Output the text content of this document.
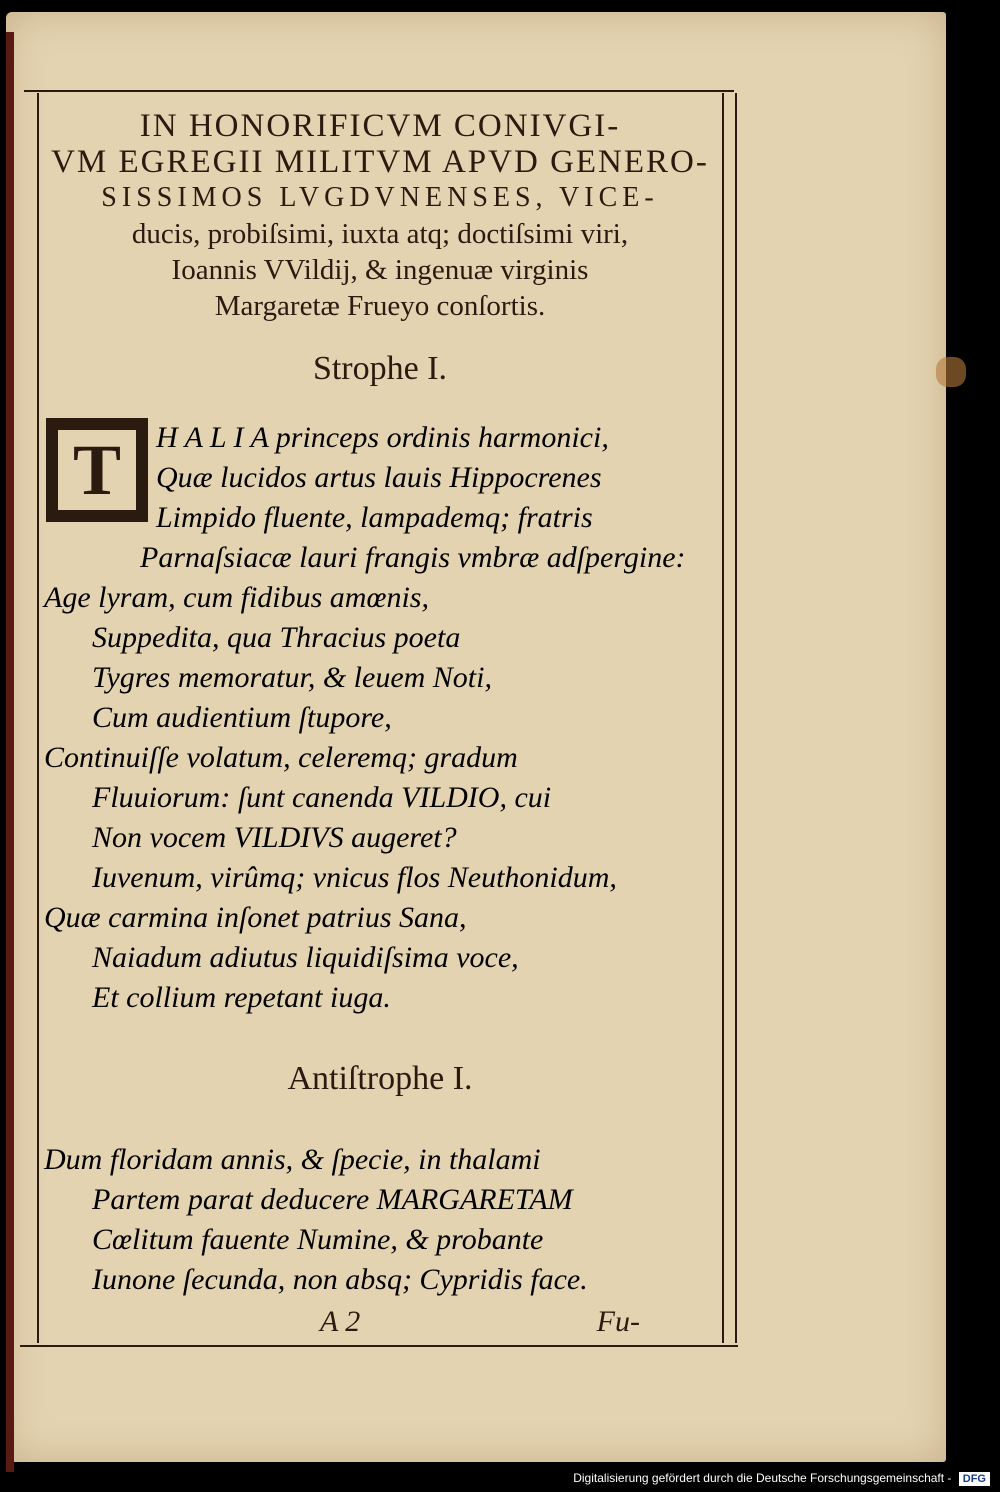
IN HONORIFICVM CONIVGI-
VM EGREGII MILITVM APVD GENERO-
SISSIMOS LVGDVNENSES, VICE-
ducis, probiſsimi, iuxta atq; doctiſsimi viri,
Ioannis VVildij, & ingenuæ virginis
Margaretæ Frueyo conſortis.
Strophe I.
T	H A L I A princeps ordinis harmonici,
Quæ lucidos artus lauis Hippocrenes
Limpido fluente, lampademq; fratris
Parnaſsiacæ lauri frangis vmbræ adſpergine:
Age lyram, cum fidibus amœnis,
Suppedita, qua Thracius poeta
Tygres memoratur, & leuem Noti,
Cum audientium ſtupore,
Continuiſſe volatum, celeremq; gradum
Fluuiorum: ſunt canenda VILDIO, cui
Non vocem VILDIVS augeret?
Iuvenum, virûmq; vnicus flos Neuthonidum,
Quæ carmina inſonet patrius Sana,
Naiadum adiutus liquidiſsima voce,
Et collium repetant iuga.
Antiſtrophe I.
Dum floridam annis, & ſpecie, in thalami
Partem parat deducere MARGARETAM
Cœlitum fauente Numine, & probante
Iunone ſecunda, non absq; Cypridis face.
A 2	Fu-
Digitalisierung gefördert durch die Deutsche Forschungsgemeinschaft - DFG
